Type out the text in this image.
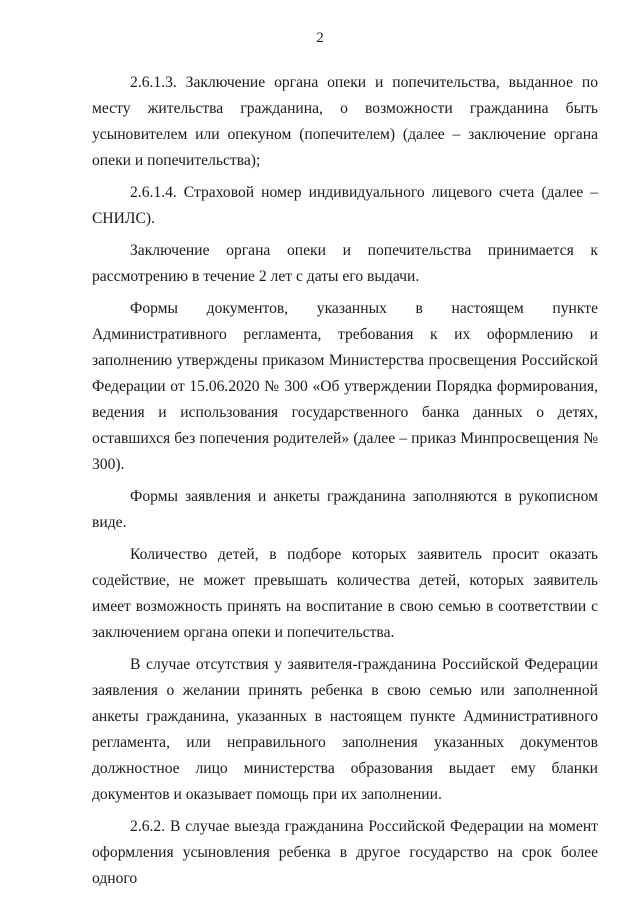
2

2.6.1.3. Заключение органа опеки и попечительства, выданное по месту жительства гражданина, о возможности гражданина быть усыновителем или опекуном (попечителем) (далее – заключение органа опеки и попечительства);

2.6.1.4. Страховой номер индивидуального лицевого счета (далее – СНИЛС).

Заключение органа опеки и попечительства принимается к рассмотрению в течение 2 лет с даты его выдачи.

Формы документов, указанных в настоящем пункте Административного регламента, требования к их оформлению и заполнению утверждены приказом Министерства просвещения Российской Федерации от 15.06.2020 № 300 «Об утверждении Порядка формирования, ведения и использования государственного банка данных о детях, оставшихся без попечения родителей» (далее – приказ Минпросвещения № 300).

Формы заявления и анкеты гражданина заполняются в рукописном виде.

Количество детей, в подборе которых заявитель просит оказать содействие, не может превышать количества детей, которых заявитель имеет возможность принять на воспитание в свою семью в соответствии с заключением органа опеки и попечительства.

В случае отсутствия у заявителя-гражданина Российской Федерации заявления о желании принять ребенка в свою семью или заполненной анкеты гражданина, указанных в настоящем пункте Административного регламента, или неправильного заполнения указанных документов должностное лицо министерства образования выдает ему бланки документов и оказывает помощь при их заполнении.

2.6.2. В случае выезда гражданина Российской Федерации на момент оформления усыновления ребенка в другое государство на срок более одного
